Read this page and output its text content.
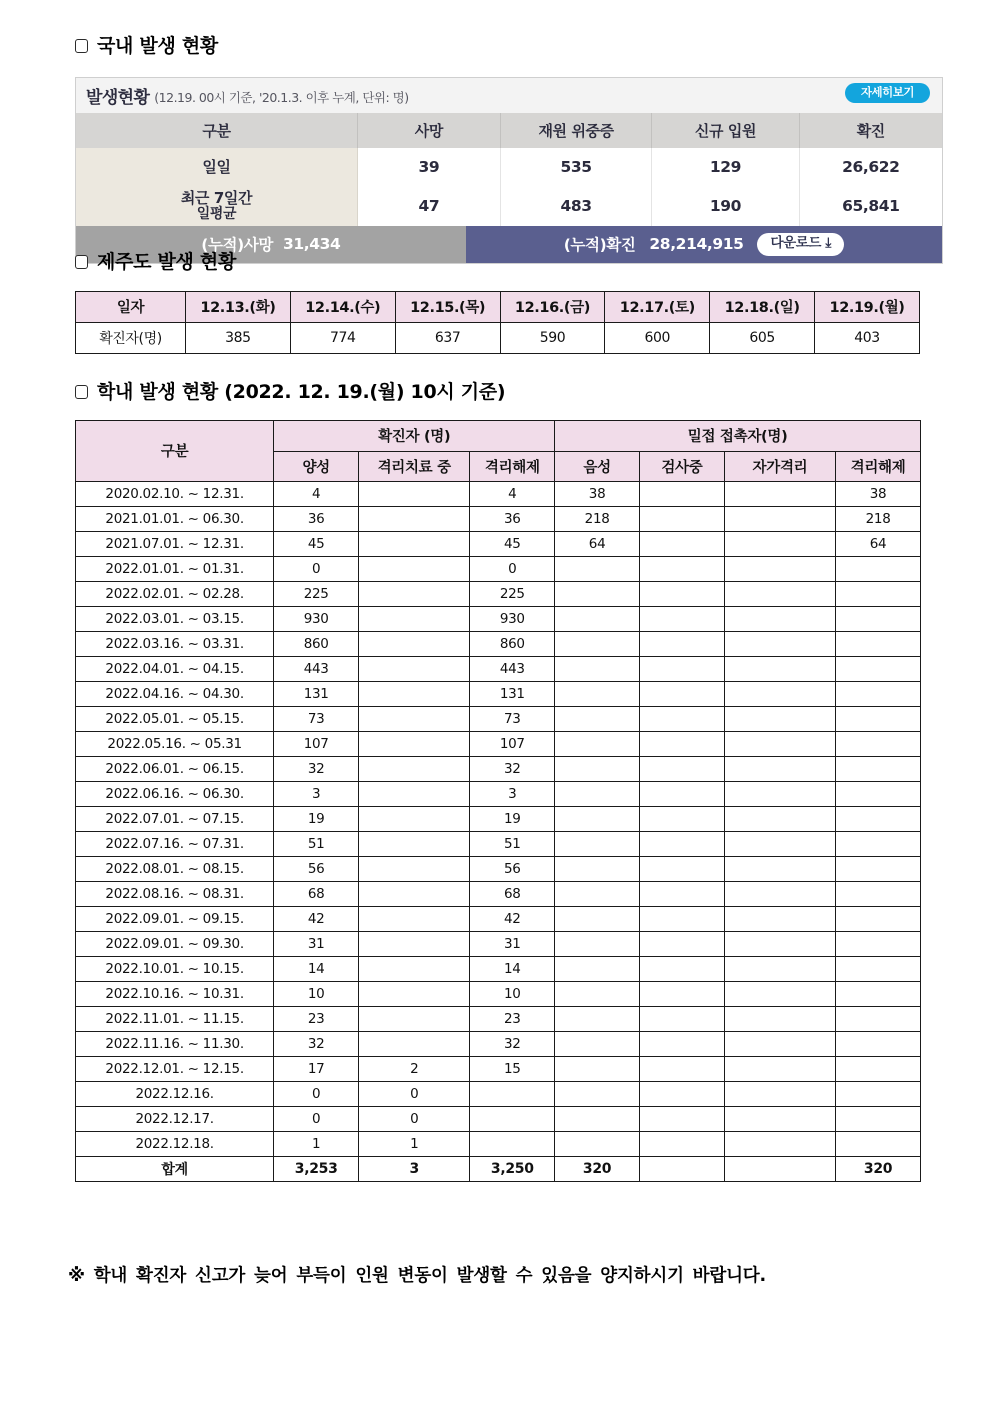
국내 발생 현황
발생현황 (12.19. 00시 기준, '20.1.3. 이후 누계, 단위: 명)	자세히보기
구분	사망	재원 위중증	신규 입원	확진
일일	39	535	129	26,622
최근 7일간
일평균	47	483	190	65,841
(누적)사망
31,434	(누적)확진 28,214,915	다운로드 ⤓
제주도 발생 현황
일자	12.13.(화)	12.14.(수)	12.15.(목)	12.16.(금)	12.17.(토)	12.18.(일)	12.19.(월)
확진자(명)	385	774	637	590	600	605	403
학내 발생 현황 (2022. 12. 19.(월) 10시 기준)
구분	확진자 (명)			밀접 접촉자(명)			
	양성	격리치료 중	격리해제	음성	검사중	자가격리	격리해제
2020.02.10. ~ 12.31.	4		4	38			38
2021.01.01. ~ 06.30.	36		36	218			218
2021.07.01. ~ 12.31.	45		45	64			64
2022.01.01. ~ 01.31.	0		0				
2022.02.01. ~ 02.28.	225		225				
2022.03.01. ~ 03.15.	930		930				
2022.03.16. ~ 03.31.	860		860				
2022.04.01. ~ 04.15.	443		443				
2022.04.16. ~ 04.30.	131		131				
2022.05.01. ~ 05.15.	73		73				
2022.05.16. ~ 05.31	107		107				
2022.06.01. ~ 06.15.	32		32				
2022.06.16. ~ 06.30.	3		3				
2022.07.01. ~ 07.15.	19		19				
2022.07.16. ~ 07.31.	51		51				
2022.08.01. ~ 08.15.	56		56				
2022.08.16. ~ 08.31.	68		68				
2022.09.01. ~ 09.15.	42		42				
2022.09.01. ~ 09.30.	31		31				
2022.10.01. ~ 10.15.	14		14				
2022.10.16. ~ 10.31.	10		10				
2022.11.01. ~ 11.15.	23		23				
2022.11.16. ~ 11.30.	32		32				
2022.12.01. ~ 12.15.	17	2	15				
2022.12.16.	0	0					
2022.12.17.	0	0					
2022.12.18.	1	1					
합계	3,253	3	3,250	320			320
※ 학내 확진자 신고가 늦어 부득이 인원 변동이 발생할 수 있음을 양지하시기 바랍니다.
